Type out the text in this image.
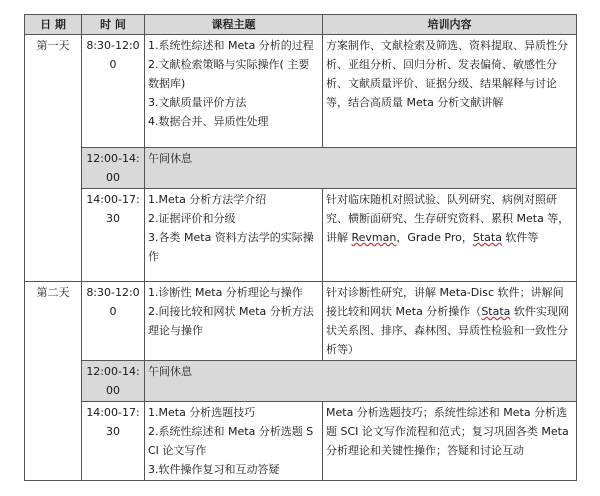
日 期	时 间	课程主题	培训内容
第一天	8:30-12:00	1.系统性综述和 Meta 分析的过程
2.文献检索策略与实际操作( 主要数据库)
3.文献质量评价方法
4.数据合并、异质性处理	方案制作、文献检索及筛选、资料提取、异质性分析、亚组分析、回归分析、发表偏倚、敏感性分析、文献质量评价、证据分级、结果解释与讨论等，结合高质量 Meta 分析文献讲解
	12:00-14:00	午间休息	
	14:00-17:30	1.Meta 分析方法学介绍
2.证据评价和分级
3.各类 Meta 资料方法学的实际操作	针对临床随机对照试验、队列研究、病例对照研究、横断面研究、生存研究资料、累积 Meta 等，讲解 Revman，Grade Pro，Stata 软件等
第二天	8:30-12:00	1.诊断性 Meta 分析理论与操作
2.间接比较和网状 Meta 分析方法理论与操作	针对诊断性研究，讲解 Meta-Disc 软件；讲解间接比较和网状 Meta 分析操作（Stata 软件实现网状关系图、排序、森林图、异质性检验和一致性分析等）
	12:00-14:00	午间休息	
	14:00-17:30	1.Meta 分析选题技巧
2.系统性综述和 Meta 分析选题 SCI 论文写作
3.软件操作复习和互动答疑	Meta 分析选题技巧；系统性综述和 Meta 分析选题 SCI 论文写作流程和范式；复习巩固各类 Meta 分析理论和关键性操作；答疑和讨论互动
